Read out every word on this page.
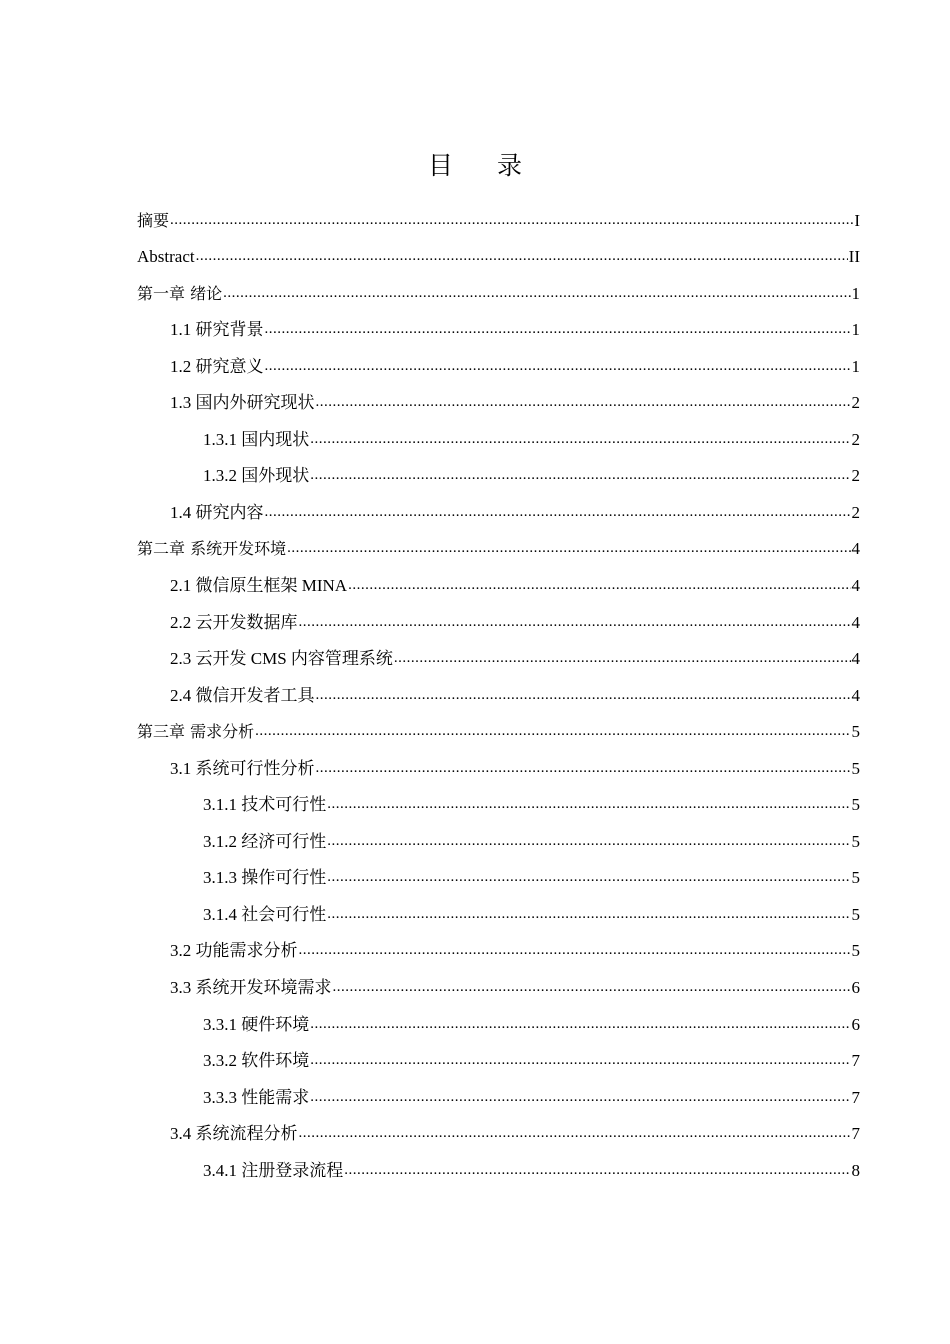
目 录
摘要 .....	I
Abstract .....	II
第一章 绪论 .....	1
1.1 研究背景 .....	1
1.2 研究意义 .....	1
1.3 国内外研究现状 .....	2
1.3.1 国内现状 .....	2
1.3.2 国外现状 .....	2
1.4 研究内容 .....	2
第二章 系统开发环境 .....	4
2.1 微信原生框架 MINA .....	4
2.2 云开发数据库 .....	4
2.3 云开发 CMS 内容管理系统 .....	4
2.4 微信开发者工具 .....	4
第三章 需求分析 .....	5
3.1 系统可行性分析 .....	5
3.1.1 技术可行性 .....	5
3.1.2 经济可行性 .....	5
3.1.3 操作可行性 .....	5
3.1.4 社会可行性 .....	5
3.2 功能需求分析 .....	5
3.3 系统开发环境需求 .....	6
3.3.1 硬件环境 .....	6
3.3.2 软件环境 .....	7
3.3.3 性能需求 .....	7
3.4 系统流程分析 .....	7
3.4.1 注册登录流程 .....	8
